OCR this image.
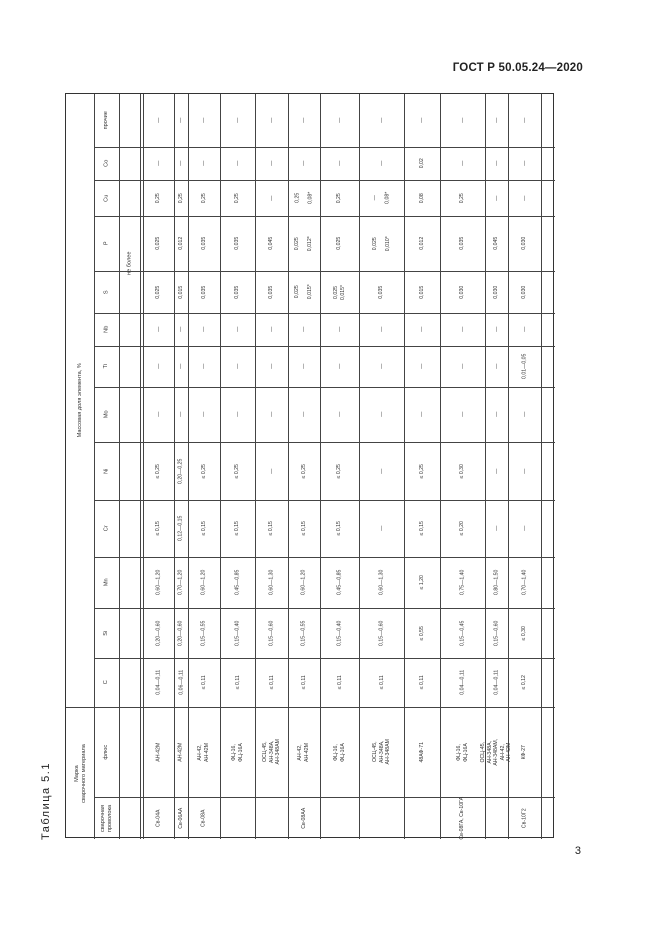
ГОСТ Р 50.05.24—2020
3
Таблица 5.1	Марка
сварочного материала
сварочная
проволока
флюс
Массовая доля элемента, %
C
Si
Mn
Cr
Ni
Mo
Ti
Nb
S
P
Cu
Co
прочие
не более
Св-04А
АН-42М
0,04—0,11
0,20—0,60
0,60—1,20
≤ 0,15
≤ 0,25
—
—
—
0,025
0,025
0,25
—
—
Св-06АА
АН-42М
0,06—0,11
0,20—0,60
0,70—1,20
0,12—0,15
0,20—0,25
—
—
—
0,015
0,012
0,25
—
—
Св-08А
АН-42,
АН-42М
≤ 0,11
0,15—0,55
0,60—1,20
≤ 0,15
≤ 0,25
—
—
—
0,035
0,035
0,25
—
—
ФЦ-16,
ФЦ-16А
≤ 0,11
0,15—0,40
0,45—0,85
≤ 0,15
≤ 0,25
—
—
—
0,035
0,035
0,25
—
—
ОСЦ-45,
АН-348А,
АН-348АМ
≤ 0,11
0,15—0,60
0,60—1,30
≤ 0,15
—
—
—
—
0,035
0,045
—
—
—
Св-08АА
АН-42,
АН-42М
≤ 0,11
0,15—0,55
0,60—1,20
≤ 0,15
≤ 0,25
—
—
—
0,025

0,015*
0,025

0,012*
0,25

0,08*
—
—
ФЦ-16,
ФЦ-16А
≤ 0,11
0,15—0,40
0,45—0,85
≤ 0,15
≤ 0,25
—
—
—
0,025
0,015*
0,025
0,25
—
—
ОСЦ-45,
АН-348А,
АН-348АМ
≤ 0,11
0,15—0,60
0,60—1,30
—
—
—
—
—
0,035
0,025

0,010*
—

0,08*
—
—
48АФ-71
≤ 0,11
≤ 0,55
≤ 1,20
≤ 0,15
≤ 0,25
—
—
—
0,015
0,012
0,08
0,02
—
Св-08ГА, Св-10ГА
ФЦ-16,
ФЦ-16А
0,04—0,11
0,15—0,45
0,75—1,40
≤ 0,20
≤ 0,30
—
—
—
0,030
0,035
0,25
—
—
ОСЦ-45,
АН-348А,
АН-348АМ,
АН-42,
АН-42М
0,04—0,11
0,15—0,60
0,80—1,50
—
—
—
—
—
0,030
0,045
—
—
—
Св-10Г2
КФ-27
≤ 0,12
≤ 0,30
0,70—1,40
—
—
—
0,01—0,05
—
0,030
0,030
—
—
—
